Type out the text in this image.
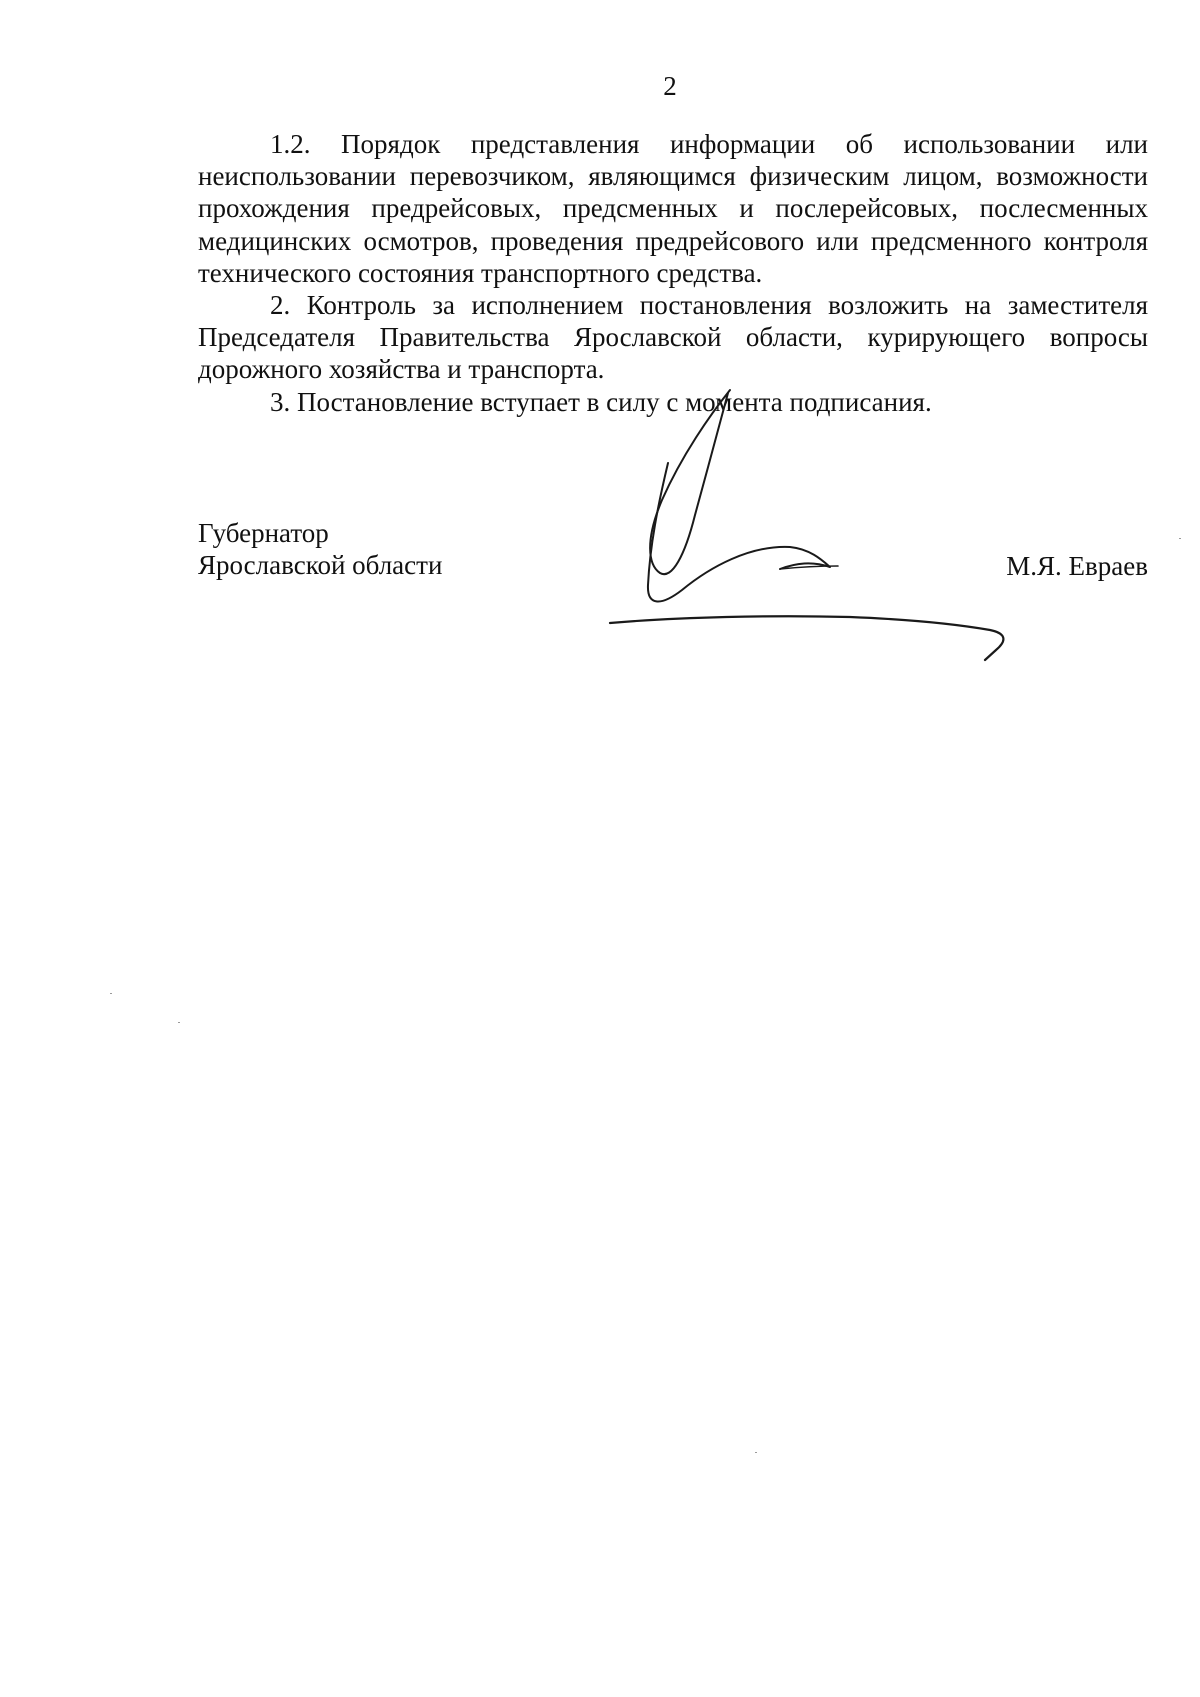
2

1.2. Порядок представления информации об использовании или неиспользовании перевозчиком, являющимся физическим лицом, возможности прохождения предрейсовых, предсменных и послерейсовых, послесменных медицинских осмотров, проведения предрейсового или предсменного контроля технического состояния транспортного средства.

2. Контроль за исполнением постановления возложить на заместителя Председателя Правительства Ярославской области, курирующего вопросы дорожного хозяйства и транспорта.

3. Постановление вступает в силу с момента подписания.

Губернатор
Ярославской области	М.Я. Евраев
